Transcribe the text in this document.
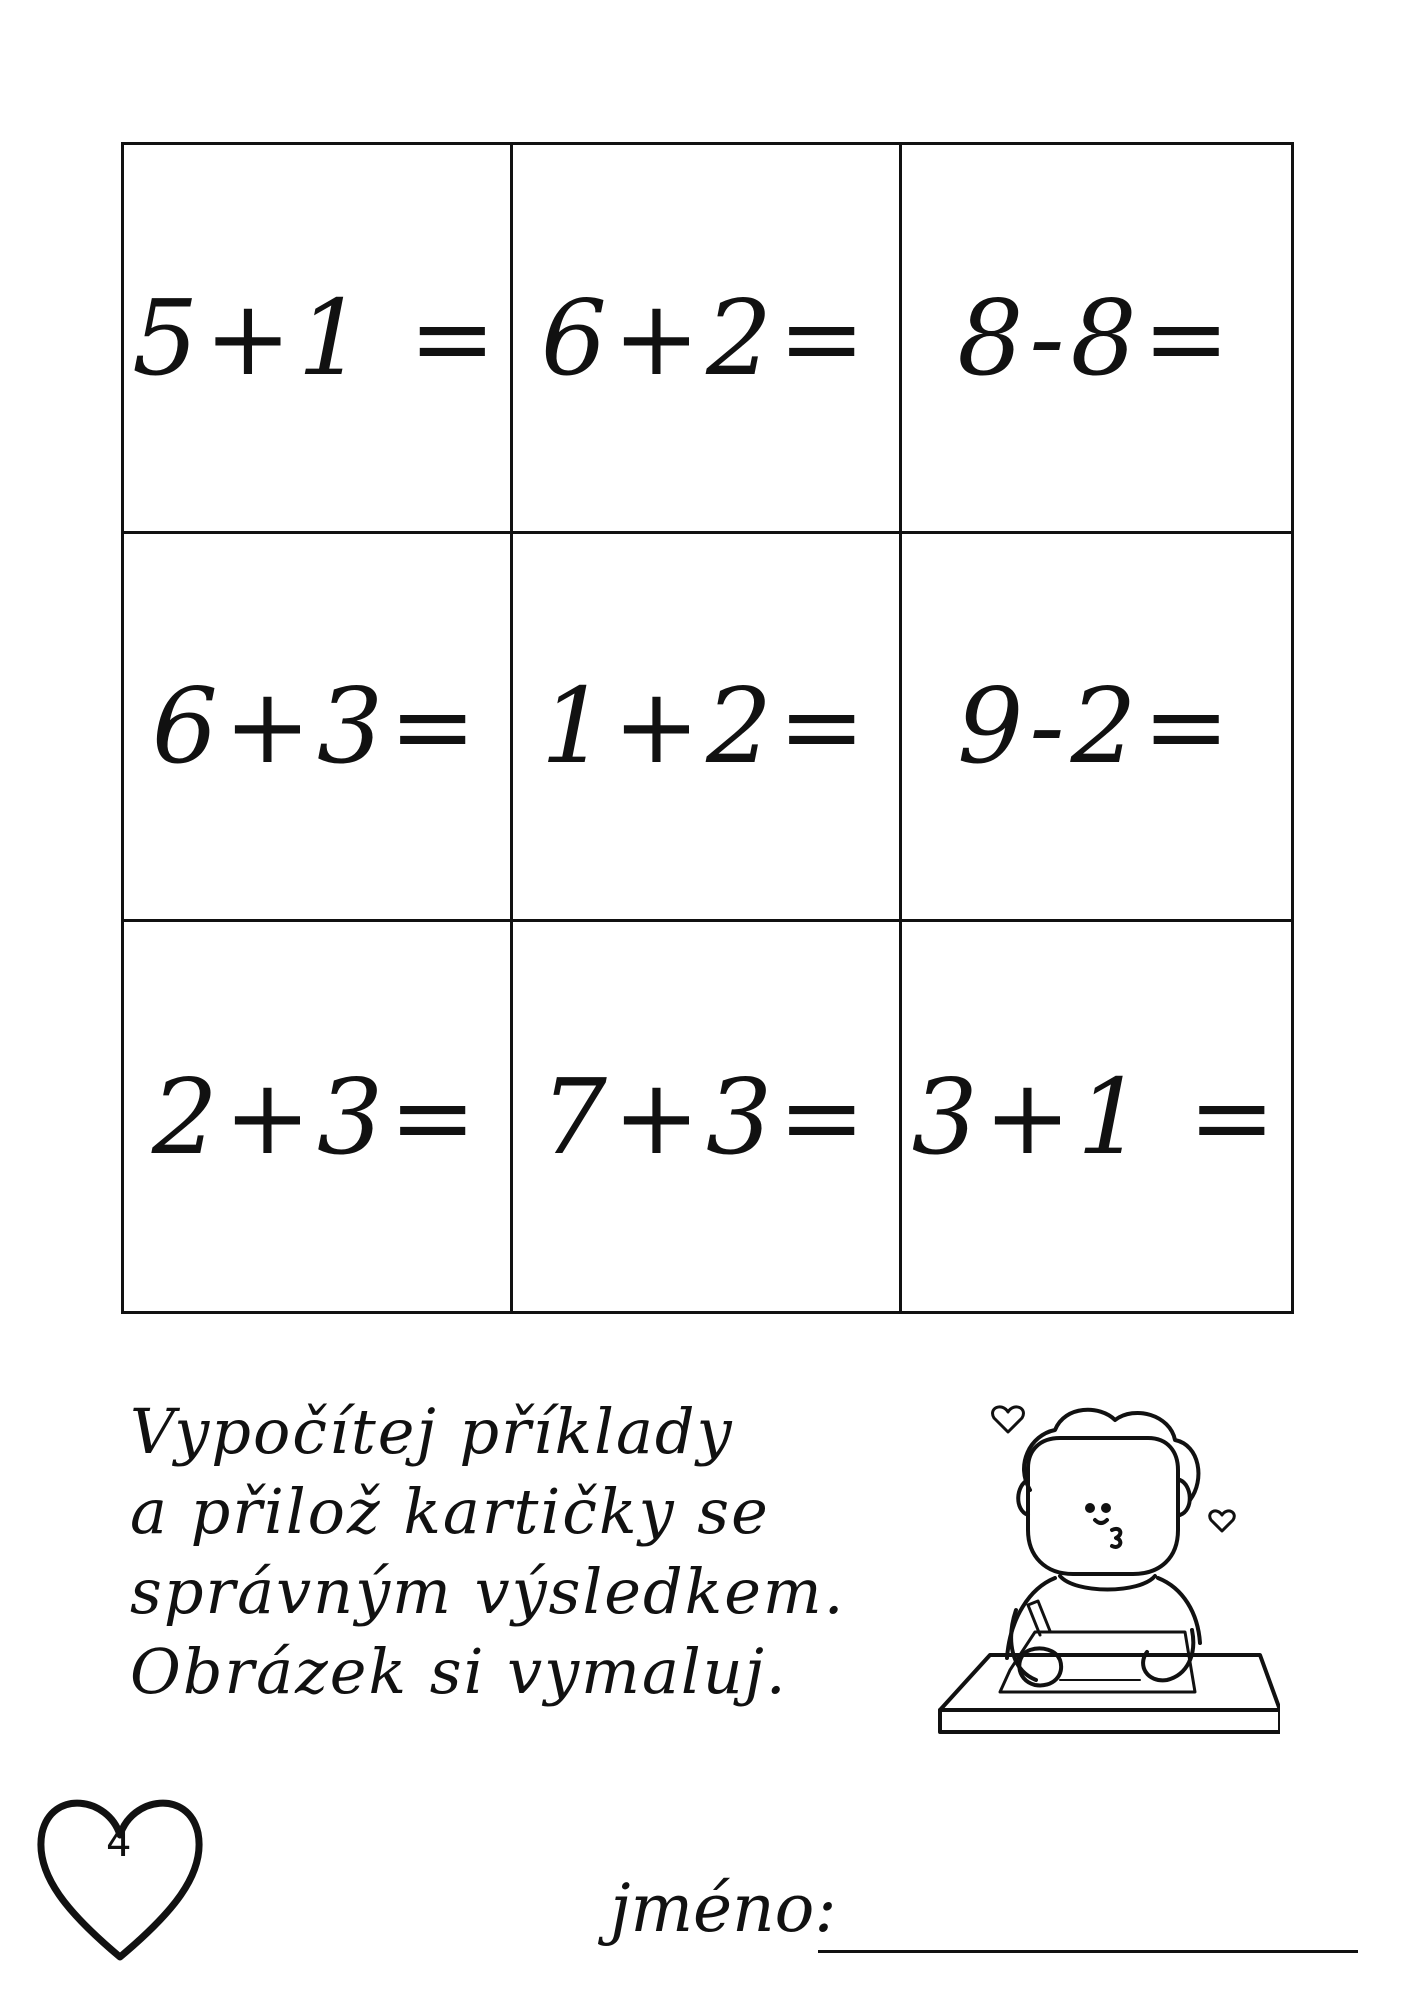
5+1 = 6+2= 8-8=
6+3= 1+2= 9-2=
2+3= 7+3= 3+1 =
Vypočítej příklady
a přilož kartičky se
správným výsledkem.
Obrázek si vymaluj.
4
jméno:
